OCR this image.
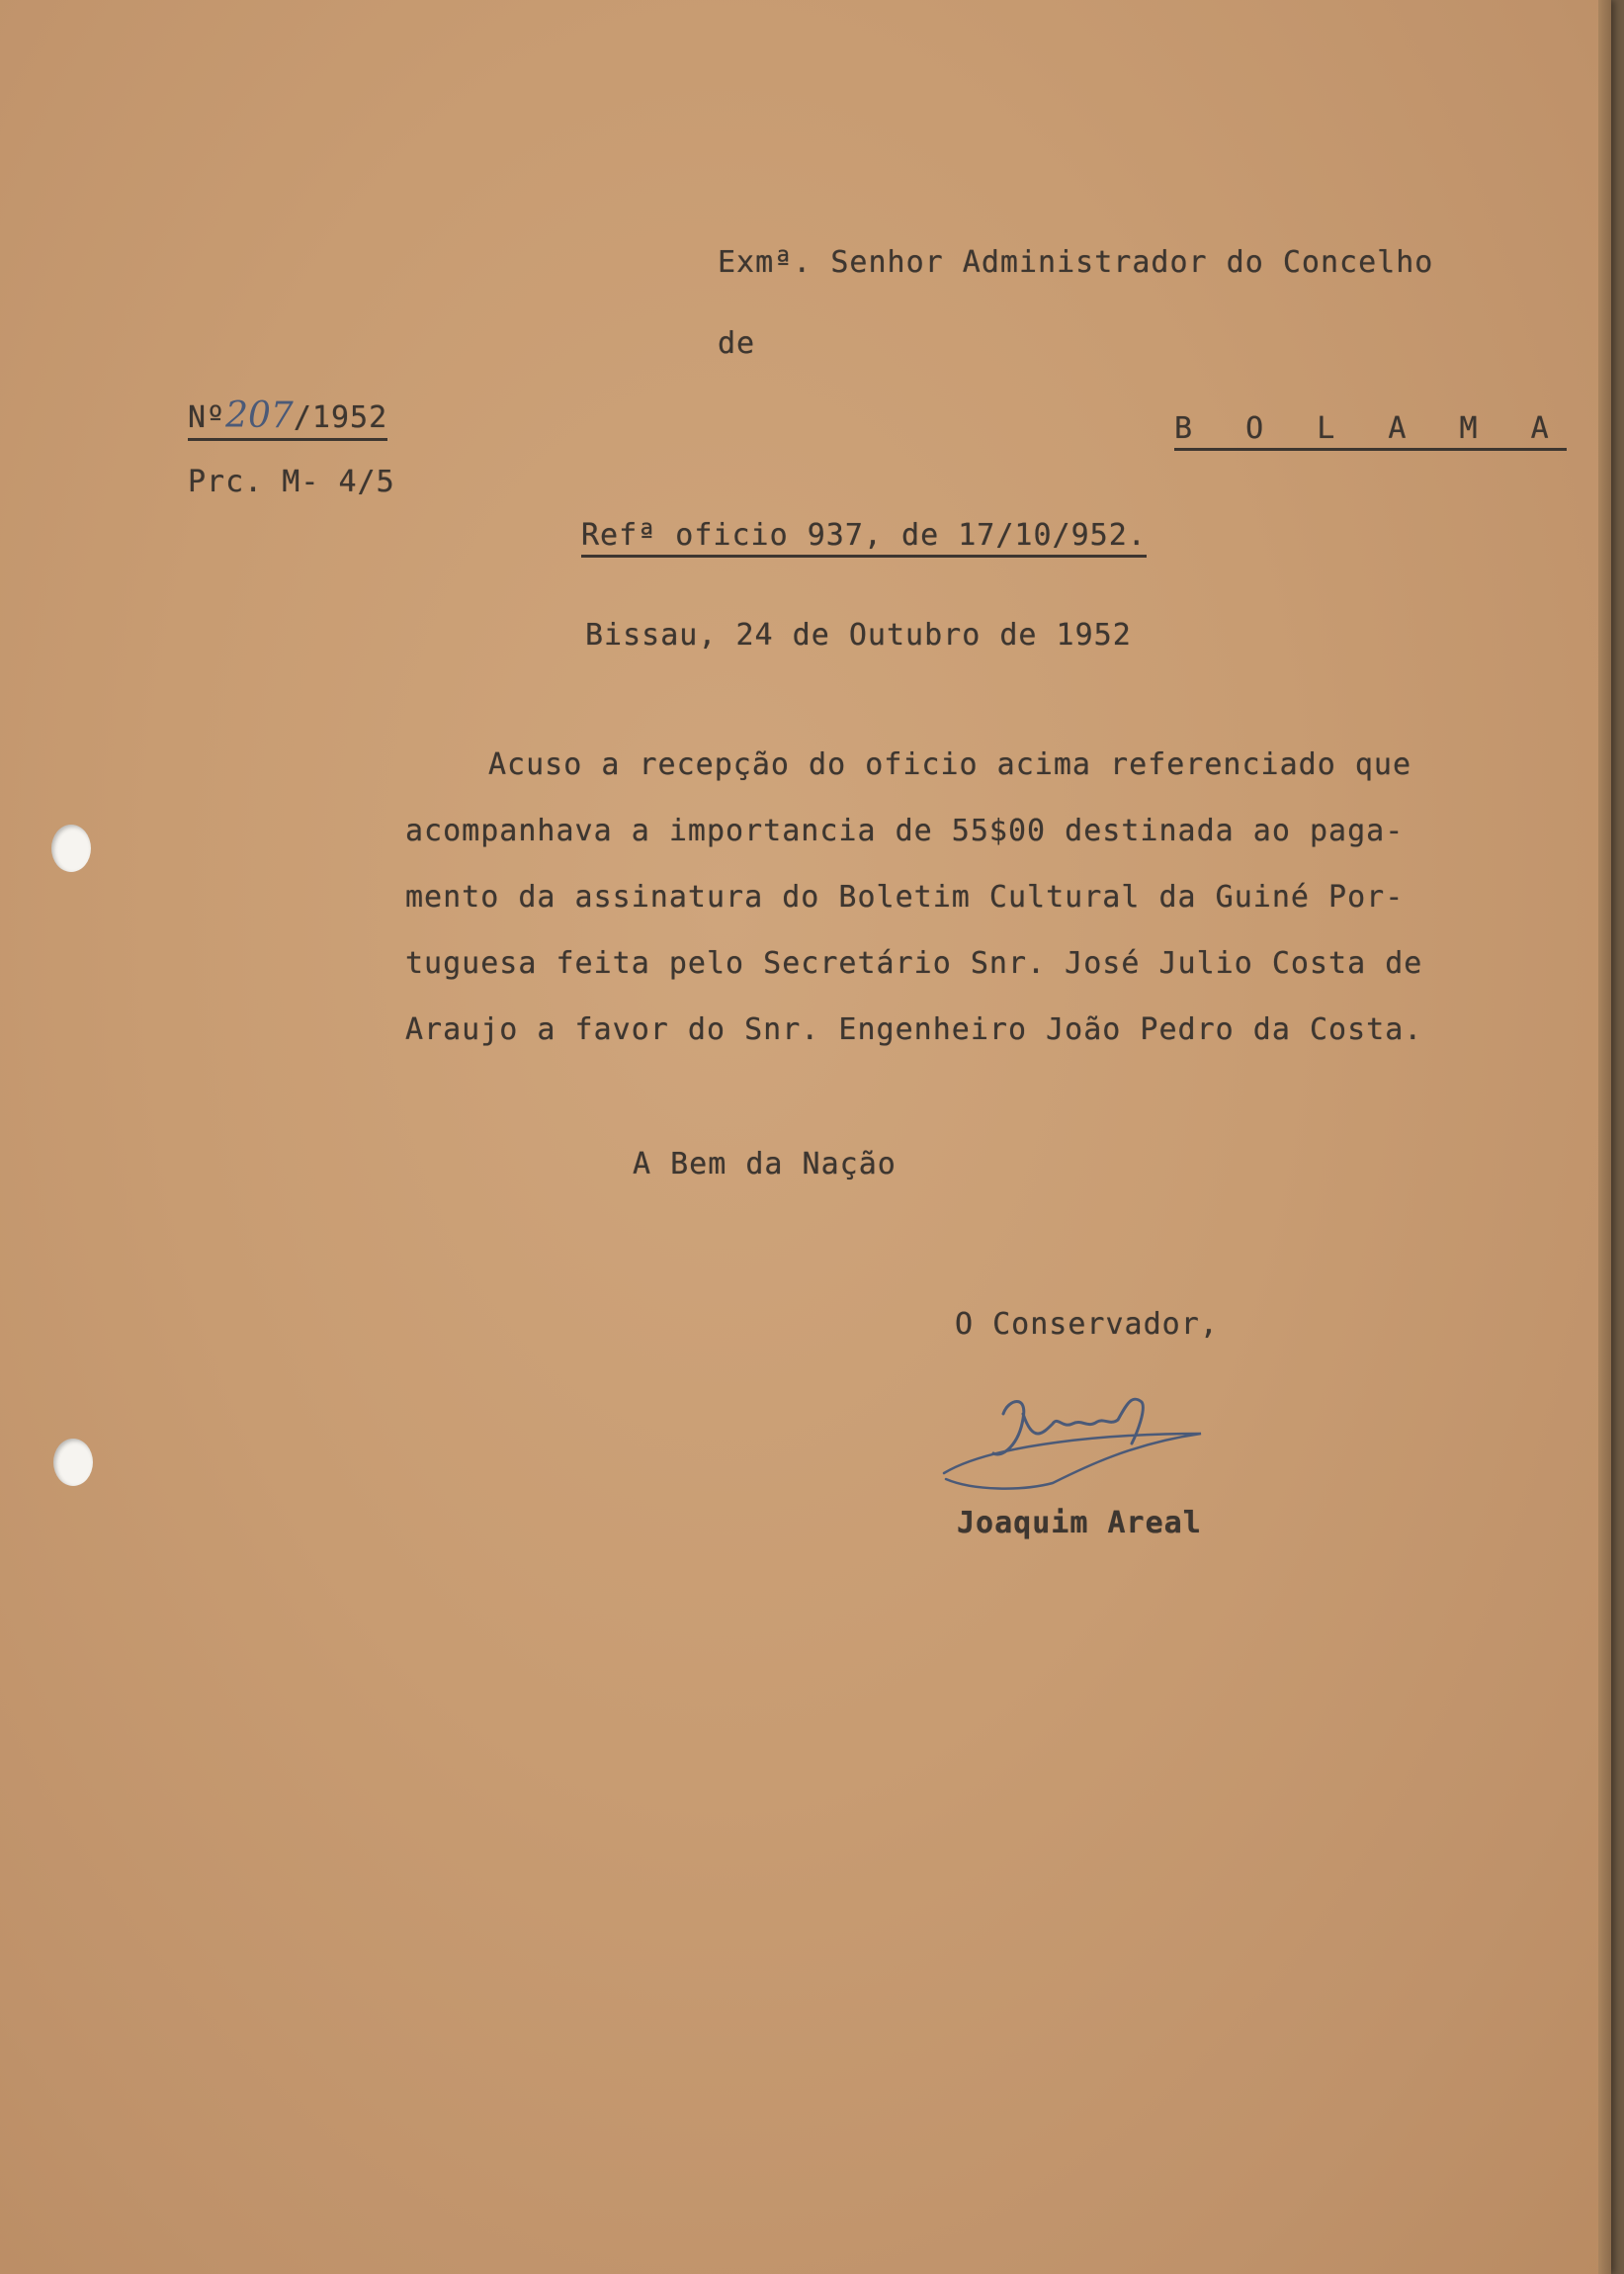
Exmª. Senhor Administrador do Concelho
de
Nº207/1952	B O L A M A
Prc. M- 4/5
Refª oficio 937, de 17/10/952.
Bissau, 24 de Outubro de 1952
Acuso a recepção do oficio acima referenciado que
acompanhava a importancia de 55$00 destinada ao paga-
mento da assinatura do Boletim Cultural da Guiné Por-
tuguesa feita pelo Secretário Snr. José Julio Costa de
Araujo a favor do Snr. Engenheiro João Pedro da Costa.
A Bem da Nação
O Conservador,
Joaquim Areal
